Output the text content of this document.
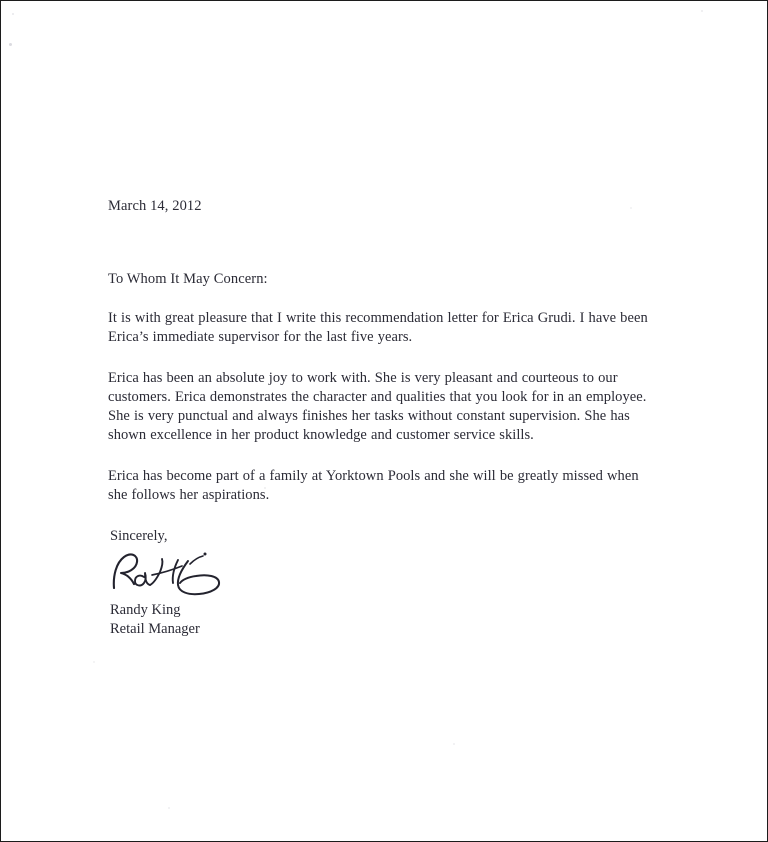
March 14, 2012
To Whom It May Concern:

It is with great pleasure that I write this recommendation letter for Erica Grudi. I have been Erica’s immediate supervisor for the last five years.

Erica has been an absolute joy to work with. She is very pleasant and courteous to our customers. Erica demonstrates the character and qualities that you look for in an employee. She is very punctual and always finishes her tasks without constant supervision. She has shown excellence in her product knowledge and customer service skills.

Erica has become part of a family at Yorktown Pools and she will be greatly missed when she follows her aspirations.

Sincerely,
Randy King
Retail Manager
